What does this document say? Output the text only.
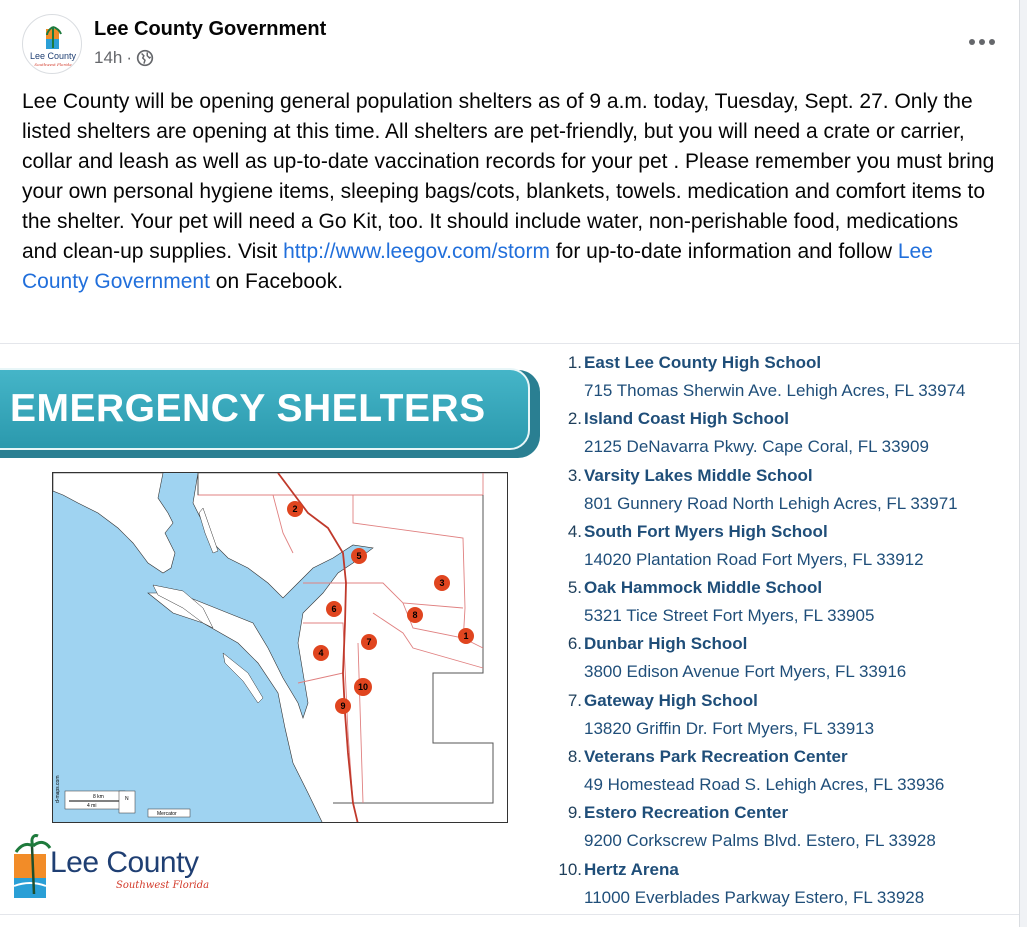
Lee County
Southwest Florida
Lee County Government
14h ·
Lee County will be opening general population shelters as of 9 a.m. today, Tuesday, Sept. 27. Only the listed shelters are opening at this time. All shelters are pet-friendly, but you will need a crate or carrier, collar and leash as well as up-to-date vaccination records for your pet . Please remember you must bring your own personal hygiene items, sleeping bags/cots, blankets, towels. medication and comfort items to the shelter. Your pet will need a Go Kit, too. It should include water, non-perishable food, medications and clean-up supplies. Visit http://www.leegov.com/storm for up-to-date information and follow Lee County Government on Facebook.
EMERGENCY SHELTERS
1
2
3
4
5
6
7
8
9
10
8 km
4 mi
N
Mercator
d-maps.com
Lee County
Southwest Florida
1. East Lee County High School
715 Thomas Sherwin Ave. Lehigh Acres, FL 33974
2. Island Coast High School
2125 DeNavarra Pkwy. Cape Coral, FL 33909
3. Varsity Lakes Middle School
801 Gunnery Road North Lehigh Acres, FL 33971
4. South Fort Myers High School
14020 Plantation Road Fort Myers, FL 33912
5. Oak Hammock Middle School
5321 Tice Street Fort Myers, FL 33905
6. Dunbar High School
3800 Edison Avenue Fort Myers, FL 33916
7. Gateway High School
13820 Griffin Dr. Fort Myers, FL 33913
8. Veterans Park Recreation Center
49 Homestead Road S. Lehigh Acres, FL 33936
9. Estero Recreation Center
9200 Corkscrew Palms Blvd. Estero, FL 33928
10. Hertz Arena
11000 Everblades Parkway Estero, FL 33928
